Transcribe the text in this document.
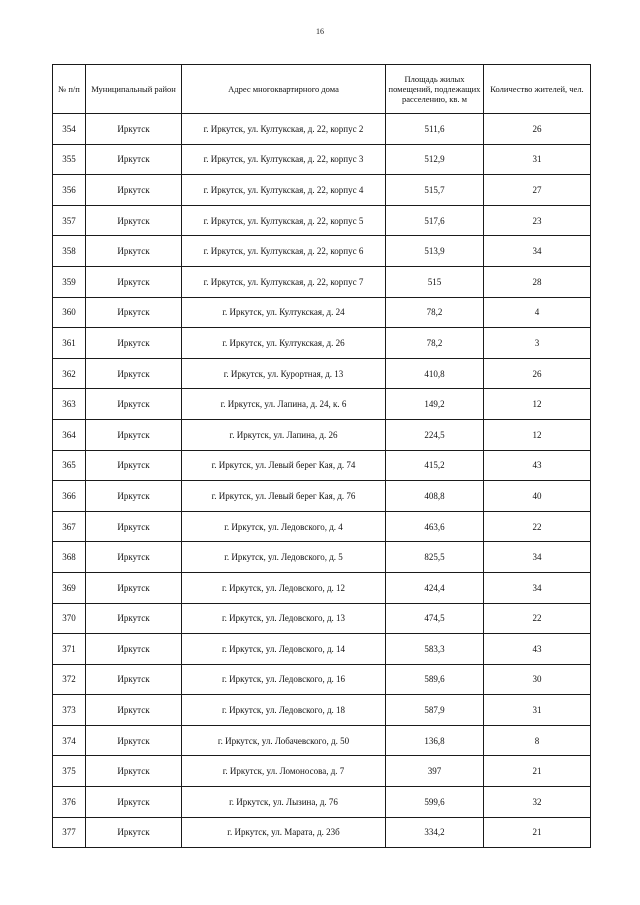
16
№ п/п	Муниципальный район	Адрес многоквартирного дома	Площадь жилых помещений, подлежащих расселению, кв. м	Количество жителей, чел.
354	Иркутск	г. Иркутск, ул. Култукская, д. 22, корпус 2	511,6	26
355	Иркутск	г. Иркутск, ул. Култукская, д. 22, корпус 3	512,9	31
356	Иркутск	г. Иркутск, ул. Култукская, д. 22, корпус 4	515,7	27
357	Иркутск	г. Иркутск, ул. Култукская, д. 22, корпус 5	517,6	23
358	Иркутск	г. Иркутск, ул. Култукская, д. 22, корпус 6	513,9	34
359	Иркутск	г. Иркутск, ул. Култукская, д. 22, корпус 7	515	28
360	Иркутск	г. Иркутск, ул. Култукская, д. 24	78,2	4
361	Иркутск	г. Иркутск, ул. Култукская, д. 26	78,2	3
362	Иркутск	г. Иркутск, ул. Курортная, д. 13	410,8	26
363	Иркутск	г. Иркутск, ул. Лапина, д. 24, к. 6	149,2	12
364	Иркутск	г. Иркутск, ул. Лапина, д. 26	224,5	12
365	Иркутск	г. Иркутск, ул. Левый берег Кая, д. 74	415,2	43
366	Иркутск	г. Иркутск, ул. Левый берег Кая, д. 76	408,8	40
367	Иркутск	г. Иркутск, ул. Ледовского, д. 4	463,6	22
368	Иркутск	г. Иркутск, ул. Ледовского, д. 5	825,5	34
369	Иркутск	г. Иркутск, ул. Ледовского, д. 12	424,4	34
370	Иркутск	г. Иркутск, ул. Ледовского, д. 13	474,5	22
371	Иркутск	г. Иркутск, ул. Ледовского, д. 14	583,3	43
372	Иркутск	г. Иркутск, ул. Ледовского, д. 16	589,6	30
373	Иркутск	г. Иркутск, ул. Ледовского, д. 18	587,9	31
374	Иркутск	г. Иркутск, ул. Лобачевского, д. 50	136,8	8
375	Иркутск	г. Иркутск, ул. Ломоносова, д. 7	397	21
376	Иркутск	г. Иркутск, ул. Лызина, д. 76	599,6	32
377	Иркутск	г. Иркутск, ул. Марата, д. 23б	334,2	21
